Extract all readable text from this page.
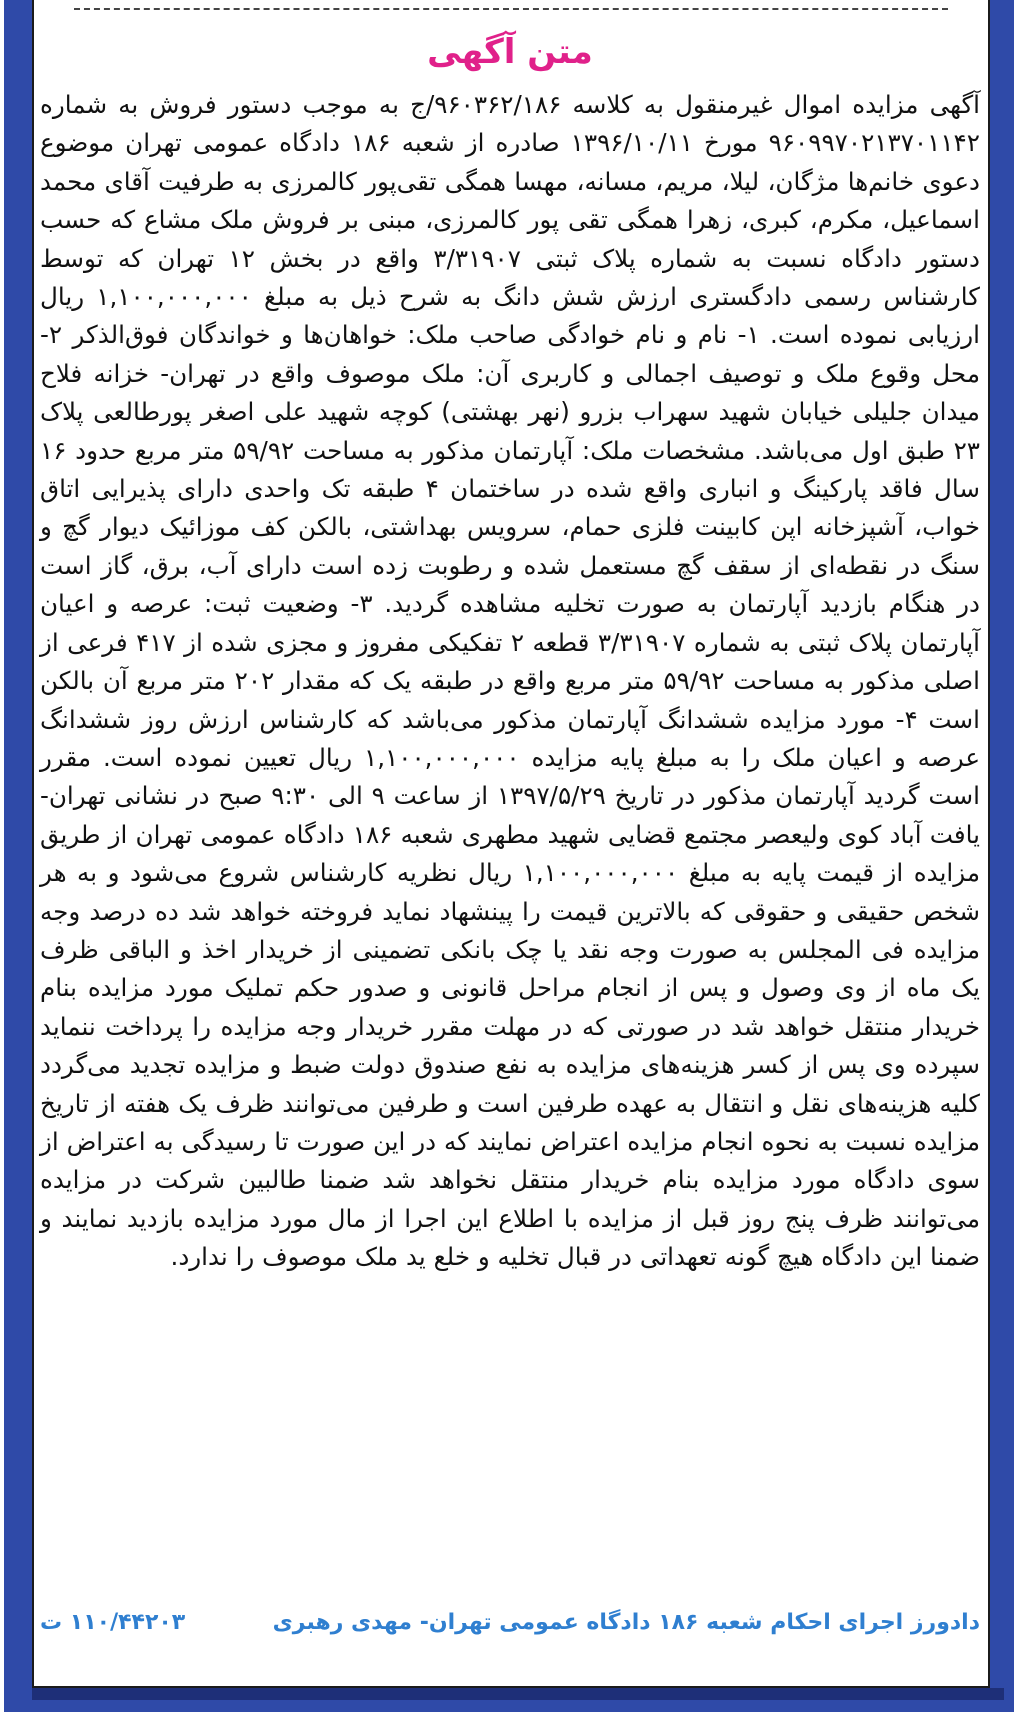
متن آگهی
آگهی مزایده اموال غیرمنقول به کلاسه ۹۶۰۳۶۲/۱۸۶/ج به موجب دستور فروش به شماره ۹۶۰۹۹۷۰۲۱۳۷۰۱۱۴۲ مورخ ۱۳۹۶/۱۰/۱۱ صادره از شعبه ۱۸۶ دادگاه عمومی تهران موضوع دعوی خانم‌ها مژگان، لیلا، مریم، مسانه، مهسا همگی تقی‌پور کالمرزی به طرفیت آقای محمد اسماعیل، مکرم، کبری، زهرا همگی تقی پور کالمرزی، مبنی بر فروش ملک مشاع که حسب دستور دادگاه نسبت به شماره پلاک ثبتی ۳/۳۱۹۰۷ واقع در بخش ۱۲ تهران که توسط کارشناس رسمی دادگستری ارزش شش دانگ به شرح ذیل به مبلغ ۱,۱۰۰,۰۰۰,۰۰۰ ریال ارزیابی نموده است. ۱- نام و نام خوادگی صاحب ملک: خواهان‌ها و خواندگان فوق‌الذکر ۲- محل وقوع ملک و توصیف اجمالی و کاربری آن: ملک موصوف واقع در تهران- خزانه فلاح میدان جلیلی خیابان شهید سهراب بزرو (نهر بهشتی) کوچه شهید علی اصغر پورطالعی پلاک ۲۳ طبق اول می‌باشد. مشخصات ملک: آپارتمان مذکور به مساحت ۵۹/۹۲ متر مربع حدود ۱۶ سال فاقد پارکینگ و انباری واقع شده در ساختمان ۴ طبقه تک واحدی دارای پذیرایی اتاق خواب، آشپزخانه اپن کابینت فلزی حمام، سرویس بهداشتی، بالکن کف موزائیک دیوار گچ و سنگ در نقطه‌ای از سقف گچ مستعمل شده و رطوبت زده است دارای آب، برق، گاز است در هنگام بازدید آپارتمان به صورت تخلیه مشاهده گردید. ۳- وضعیت ثبت: عرصه و اعیان آپارتمان پلاک ثبتی به شماره ۳/۳۱۹۰۷ قطعه ۲ تفکیکی مفروز و مجزی شده از ۴۱۷ فرعی از اصلی مذکور به مساحت ۵۹/۹۲ متر مربع واقع در طبقه یک که مقدار ۲۰۲ متر مربع آن بالکن است ۴- مورد مزایده ششدانگ آپارتمان مذکور می‌باشد که کارشناس ارزش روز ششدانگ عرصه و اعیان ملک را به مبلغ پایه مزایده ۱,۱۰۰,۰۰۰,۰۰۰ ریال تعیین نموده است. مقرر است گردید آپارتمان مذکور در تاریخ ۱۳۹۷/۵/۲۹ از ساعت ۹ الی ۹:۳۰ صبح در نشانی تهران- یافت آباد کوی ولیعصر مجتمع قضایی شهید مطهری شعبه ۱۸۶ دادگاه عمومی تهران از طریق مزایده از قیمت پایه به مبلغ ۱,۱۰۰,۰۰۰,۰۰۰ ریال نظریه کارشناس شروع می‌شود و به هر شخص حقیقی و حقوقی که بالاترین قیمت را پینشهاد نماید فروخته خواهد شد ده درصد وجه مزایده فی المجلس به صورت وجه نقد یا چک بانکی تضمینی از خریدار اخذ و الباقی ظرف یک ماه از وی وصول و پس از انجام مراحل قانونی و صدور حکم تملیک مورد مزایده بنام خریدار منتقل خواهد شد در صورتی که در مهلت مقرر خریدار وجه مزایده را پرداخت ننماید سپرده وی پس از کسر هزینه‌های مزایده به نفع صندوق دولت ضبط و مزایده تجدید می‌گردد کلیه هزینه‌های نقل و انتقال به عهده طرفین است و طرفین می‌توانند ظرف یک هفته از تاریخ مزایده نسبت به نحوه انجام مزایده اعتراض نمایند که در این صورت تا رسیدگی به اعتراض از سوی دادگاه مورد مزایده بنام خریدار منتقل نخواهد شد ضمنا طالبین شرکت در مزایده می‌توانند ظرف پنج روز قبل از مزایده با اطلاع این اجرا از مال مورد مزایده بازدید نمایند و ضمنا این دادگاه هیچ گونه تعهداتی در قبال تخلیه و خلع ید ملک موصوف را ندارد.
دادورز اجرای احکام شعبه ۱۸۶ دادگاه عمومی تهران- مهدی رهبری
۱۱۰/۴۴۲۰۳ ت
